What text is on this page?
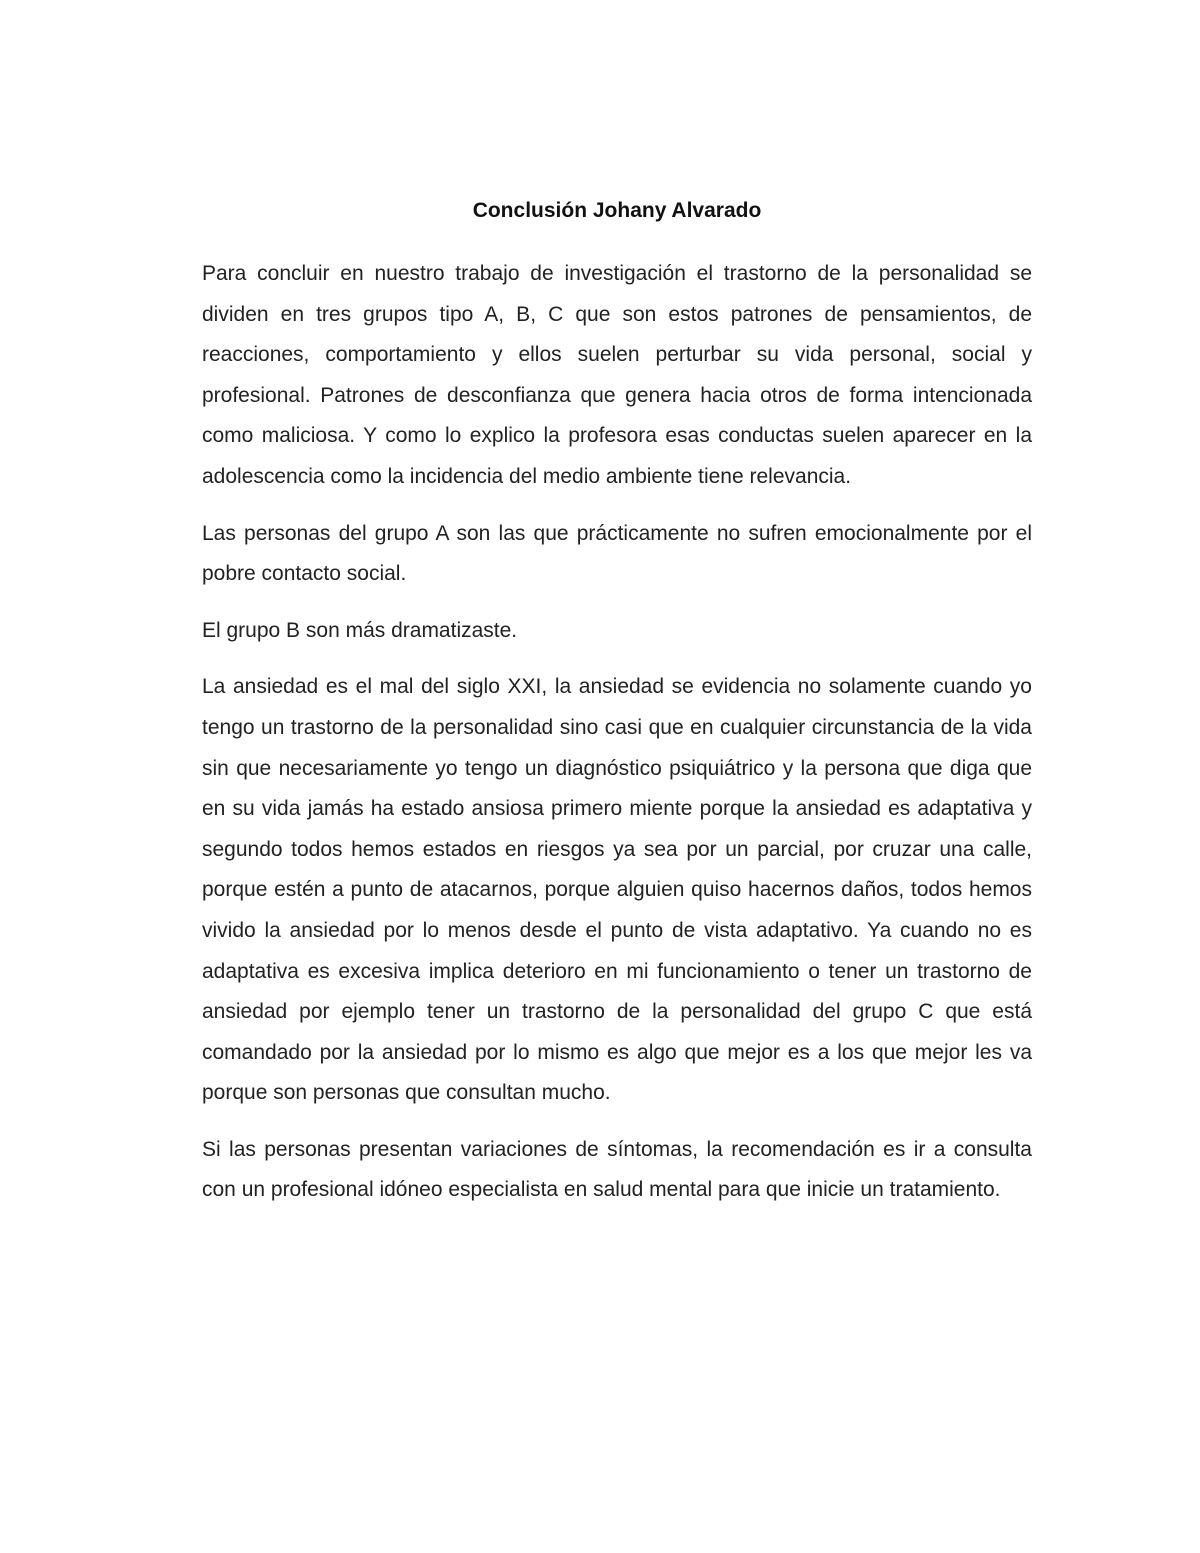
Conclusión Johany Alvarado

Para concluir en nuestro trabajo de investigación el trastorno de la personalidad se dividen en tres grupos tipo A, B, C que son estos patrones de pensamientos, de reacciones, comportamiento y ellos suelen perturbar su vida personal, social y profesional. Patrones de desconfianza que genera hacia otros de forma intencionada como maliciosa. Y como lo explico la profesora esas conductas suelen aparecer en la adolescencia como la incidencia del medio ambiente tiene relevancia.

Las personas del grupo A son las que prácticamente no sufren emocionalmente por el pobre contacto social.

El grupo B son más dramatizaste.

La ansiedad es el mal del siglo XXI, la ansiedad se evidencia no solamente cuando yo tengo un trastorno de la personalidad sino casi que en cualquier circunstancia de la vida sin que necesariamente yo tengo un diagnóstico psiquiátrico y la persona que diga que en su vida jamás ha estado ansiosa primero miente porque la ansiedad es adaptativa y segundo todos hemos estados en riesgos ya sea por un parcial, por cruzar una calle, porque estén a punto de atacarnos, porque alguien quiso hacernos daños, todos hemos vivido la ansiedad por lo menos desde el punto de vista adaptativo. Ya cuando no es adaptativa es excesiva implica deterioro en mi funcionamiento o tener un trastorno de ansiedad por ejemplo tener un trastorno de la personalidad del grupo C que está comandado por la ansiedad por lo mismo es algo que mejor es a los que mejor les va porque son personas que consultan mucho.

Si las personas presentan variaciones de síntomas, la recomendación es ir a consulta con un profesional idóneo especialista en salud mental para que inicie un tratamiento.
